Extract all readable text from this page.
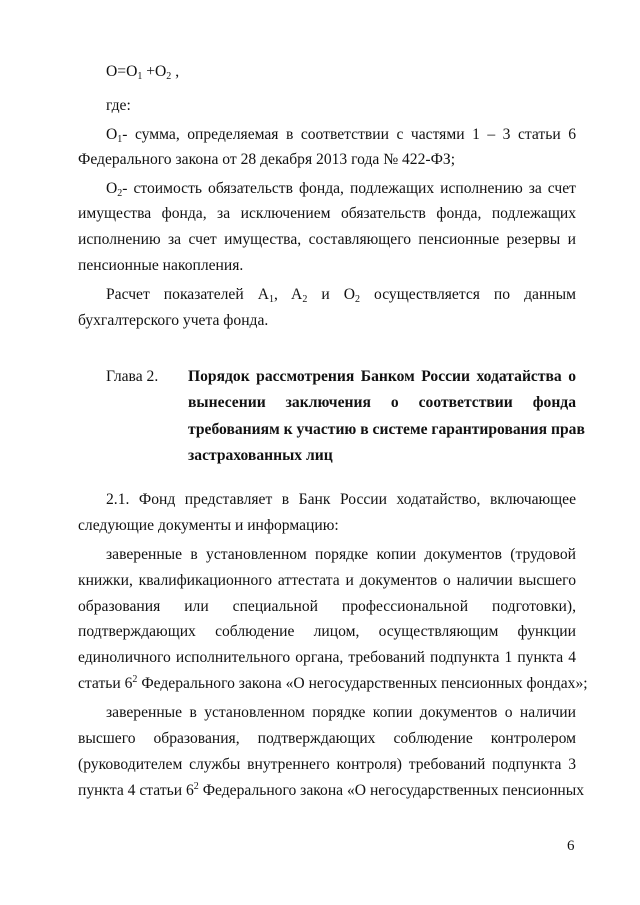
$O=O_1 +O_2$ ,
где:
$O_1-$ сумма, определяемая в соответствии с частями 1 – 3 статьи 6
Федерального закона от 28 декабря 2013 года № 422-ФЗ;
$O_2-$ стоимость обязательств фонда, подлежащих исполнению за счет
имущества фонда, за исключением обязательств фонда, подлежащих
исполнению за счет имущества, составляющего пенсионные резервы и
пенсионные накопления.
Расчет показателей $A_1$, $A_2$ и $O_2$ осуществляется по данным
бухгалтерского учета фонда.
Глава 2. Порядок рассмотрения Банком России ходатайства о
вынесении заключения о соответствии фонда
требованиям к участию в системе гарантирования прав
застрахованных лиц
2.1. Фонд представляет в Банк России ходатайство, включающее
следующие документы и информацию:
заверенные в установленном порядке копии документов (трудовой
книжки, квалификационного аттестата и документов о наличии высшего
образования или специальной профессиональной подготовки),
подтверждающих соблюдение лицом, осуществляющим функции
единоличного исполнительного органа, требований подпункта 1 пункта 4
статьи $6^2$ Федерального закона «О негосударственных пенсионных фондах»;
заверенные в установленном порядке копии документов о наличии
высшего образования, подтверждающих соблюдение контролером
(руководителем службы внутреннего контроля) требований подпункта 3
пункта 4 статьи $6^2$ Федерального закона «О негосударственных пенсионных
6
